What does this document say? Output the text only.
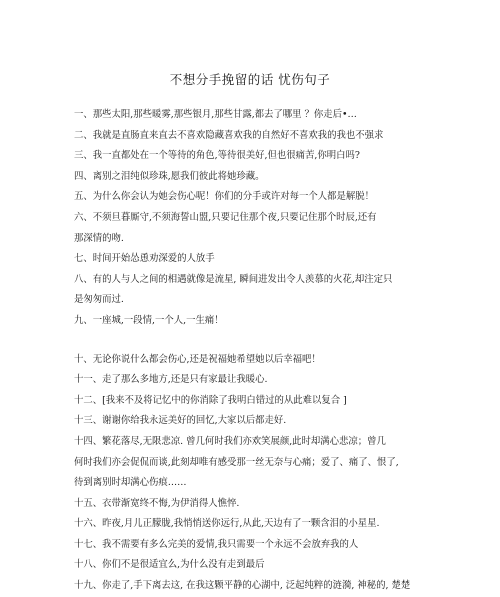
不想分手挽留的话 忧伤句子
一、那些太阳,那些暖雾,那些银月,那些甘露,都去了哪里 ？你走后•…
二、我就是直肠直来直去不喜欢隐藏喜欢我的自然好不喜欢我的我也不强求
三、我一直都处在一个等待的角色,等待很美好,但也很痛苦,你明白吗?
四、离别之泪纯似珍珠,愿我们彼此将她珍藏。
五、为什么你会认为她会伤心呢！你们的分手或许对每一个人都是解脱！
六、不须旦暮厮守,不须海誓山盟,只要记住那个夜,只要记住那个时辰,还有
那深情的吻.
七、时间开始怂恿劝深爱的人放手
八、有的人与人之间的相遇就像是流星, 瞬间进发出令人羡慕的火花,却注定只
是匆匆而过.
九、一座城,一段情,一个人,一生痛！
十、无论你说什么都会伤心,还是祝福她希望她以后幸福吧！
十一、走了那么多地方,还是只有家最让我暖心.
十二、[我来不及将记忆中的你消除了我明白错过的从此难以复合 ]
十三、谢谢你给我永远美好的回忆,大家以后都走好.
十四、繁花落尽,无限悲凉. 曾几何时我们亦欢笑展颜,此时却满心悲凉；曾几
何时我们亦会促侃而谈,此刻却唯有感受那一丝无奈与心痛；爱了、痛了、恨了,
待到离别时却满心伤痕……
十五、衣带渐宽终不悔,为伊消得人憔悴.
十六、昨夜,月儿正朦胧,我悄悄送你远行,从此,天边有了一颗含泪的小星星.
十七、我不需要有多么完美的爱情,我只需要一个永远不会放弃我的人
十八、你们不是很适宜么,为什么没有走到最后
十九、你走了,手下离去这, 在我这颗平静的心湖中, 泛起纯粹的涟漪, 神秘的, 楚楚
